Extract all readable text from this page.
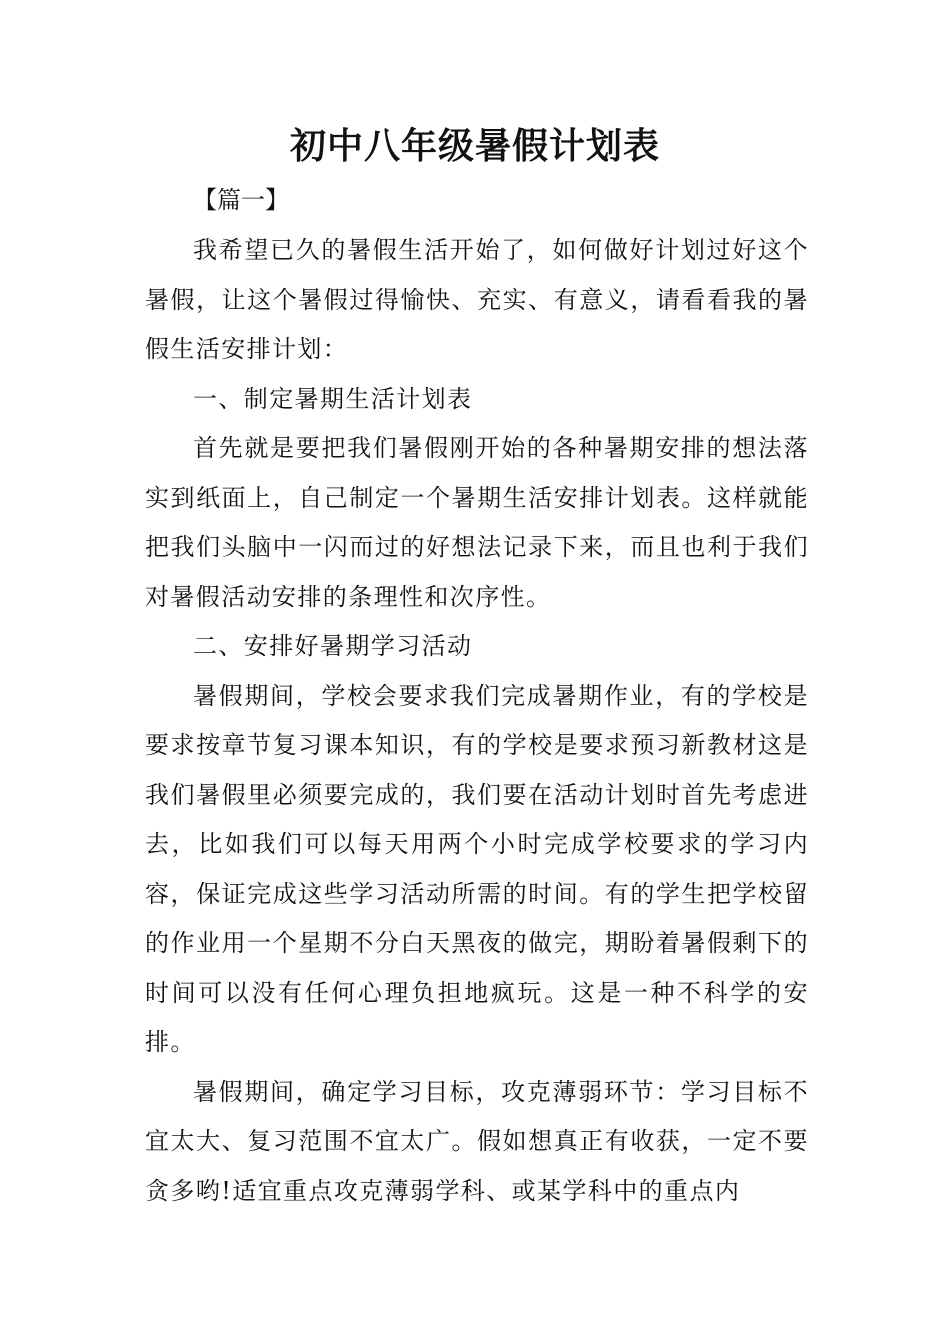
初中八年级暑假计划表
【篇一】

我希望已久的暑假生活开始了，如何做好计划过好这个暑假，让这个暑假过得愉快、充实、有意义，请看看我的暑假生活安排计划：

一、制定暑期生活计划表

首先就是要把我们暑假刚开始的各种暑期安排的想法落实到纸面上，自己制定一个暑期生活安排计划表。这样就能把我们头脑中一闪而过的好想法记录下来，而且也利于我们对暑假活动安排的条理性和次序性。

二、安排好暑期学习活动

暑假期间，学校会要求我们完成暑期作业，有的学校是要求按章节复习课本知识，有的学校是要求预习新教材这是我们暑假里必须要完成的，我们要在活动计划时首先考虑进去，比如我们可以每天用两个小时完成学校要求的学习内容，保证完成这些学习活动所需的时间。有的学生把学校留的作业用一个星期不分白天黑夜的做完，期盼着暑假剩下的时间可以没有任何心理负担地疯玩。这是一种不科学的安排。

暑假期间，确定学习目标，攻克薄弱环节：学习目标不宜太大、复习范围不宜太广。假如想真正有收获，一定不要贪多哟!适宜重点攻克薄弱学科、或某学科中的重点内
